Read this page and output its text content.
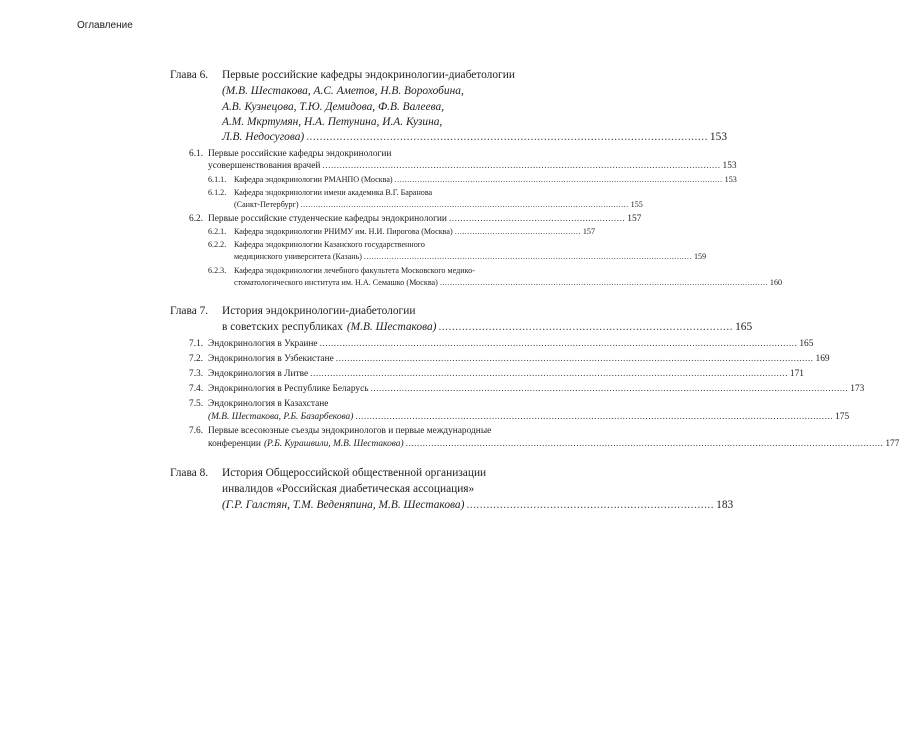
Оглавление
Глава 6. Первые российские кафедры эндокринологии-диабетологии
(М.В. Шестакова, А.С. Аметов, Н.В. Ворохобина,
А.В. Кузнецова, Т.Ю. Демидова, Ф.В. Валеева,
А.М. Мкртумян, Н.А. Петунина, И.А. Кузина,
Л.В. Недосугова) ........................................................................................................................ 153
6.1. Первые российские кафедры эндокринологии
усовершенствования врачей ............................................................................................................................................ 153
6.1.1. Кафедра эндокринологии РМАНПО (Москва) .................................................................................................................................. 153
6.1.2. Кафедра эндокринологии имени академика В.Г. Баранова
(Санкт-Петербург) .................................................................................................................................. 155
6.2. Первые российские студенческие кафедры эндокринологии .............................................................. 157
6.2.1. Кафедра эндокринологии РНИМУ им. Н.И. Пирогова (Москва) .................................................. 157
6.2.2. Кафедра эндокринологии Казанского государственного
медицинского университета (Казань) .................................................................................................................................. 159
6.2.3. Кафедра эндокринологии лечебного факультета Московского медико-
стоматологического института им. Н.А. Семашко (Москва) .................................................................................................................................. 160
Глава 7. История эндокринологии-диабетологии
в советских республиках (М.В. Шестакова) ........................................................................................ 165
7.1. Эндокринология в Украине ........................................................................................................................................................................ 165
7.2. Эндокринология в Узбекистане ........................................................................................................................................................................ 169
7.3. Эндокринология в Литве ........................................................................................................................................................................ 171
7.4. Эндокринология в Республике Беларусь ........................................................................................................................................................................ 173
7.5. Эндокринология в Казахстане
(М.В. Шестакова, Р.Б. Базарбекова) ........................................................................................................................................................................ 175
7.6. Первые всесоюзные съезды эндокринологов и первые международные
конференции (Р.Б. Курашвили, М.В. Шестакова) ........................................................................................................................................................................ 177
Глава 8. История Общероссийской общественной организации
инвалидов «Российская диабетическая ассоциация»
(Г.Р. Галстян, Т.М. Веденяпина, М.В. Шестакова) .......................................................................... 183
